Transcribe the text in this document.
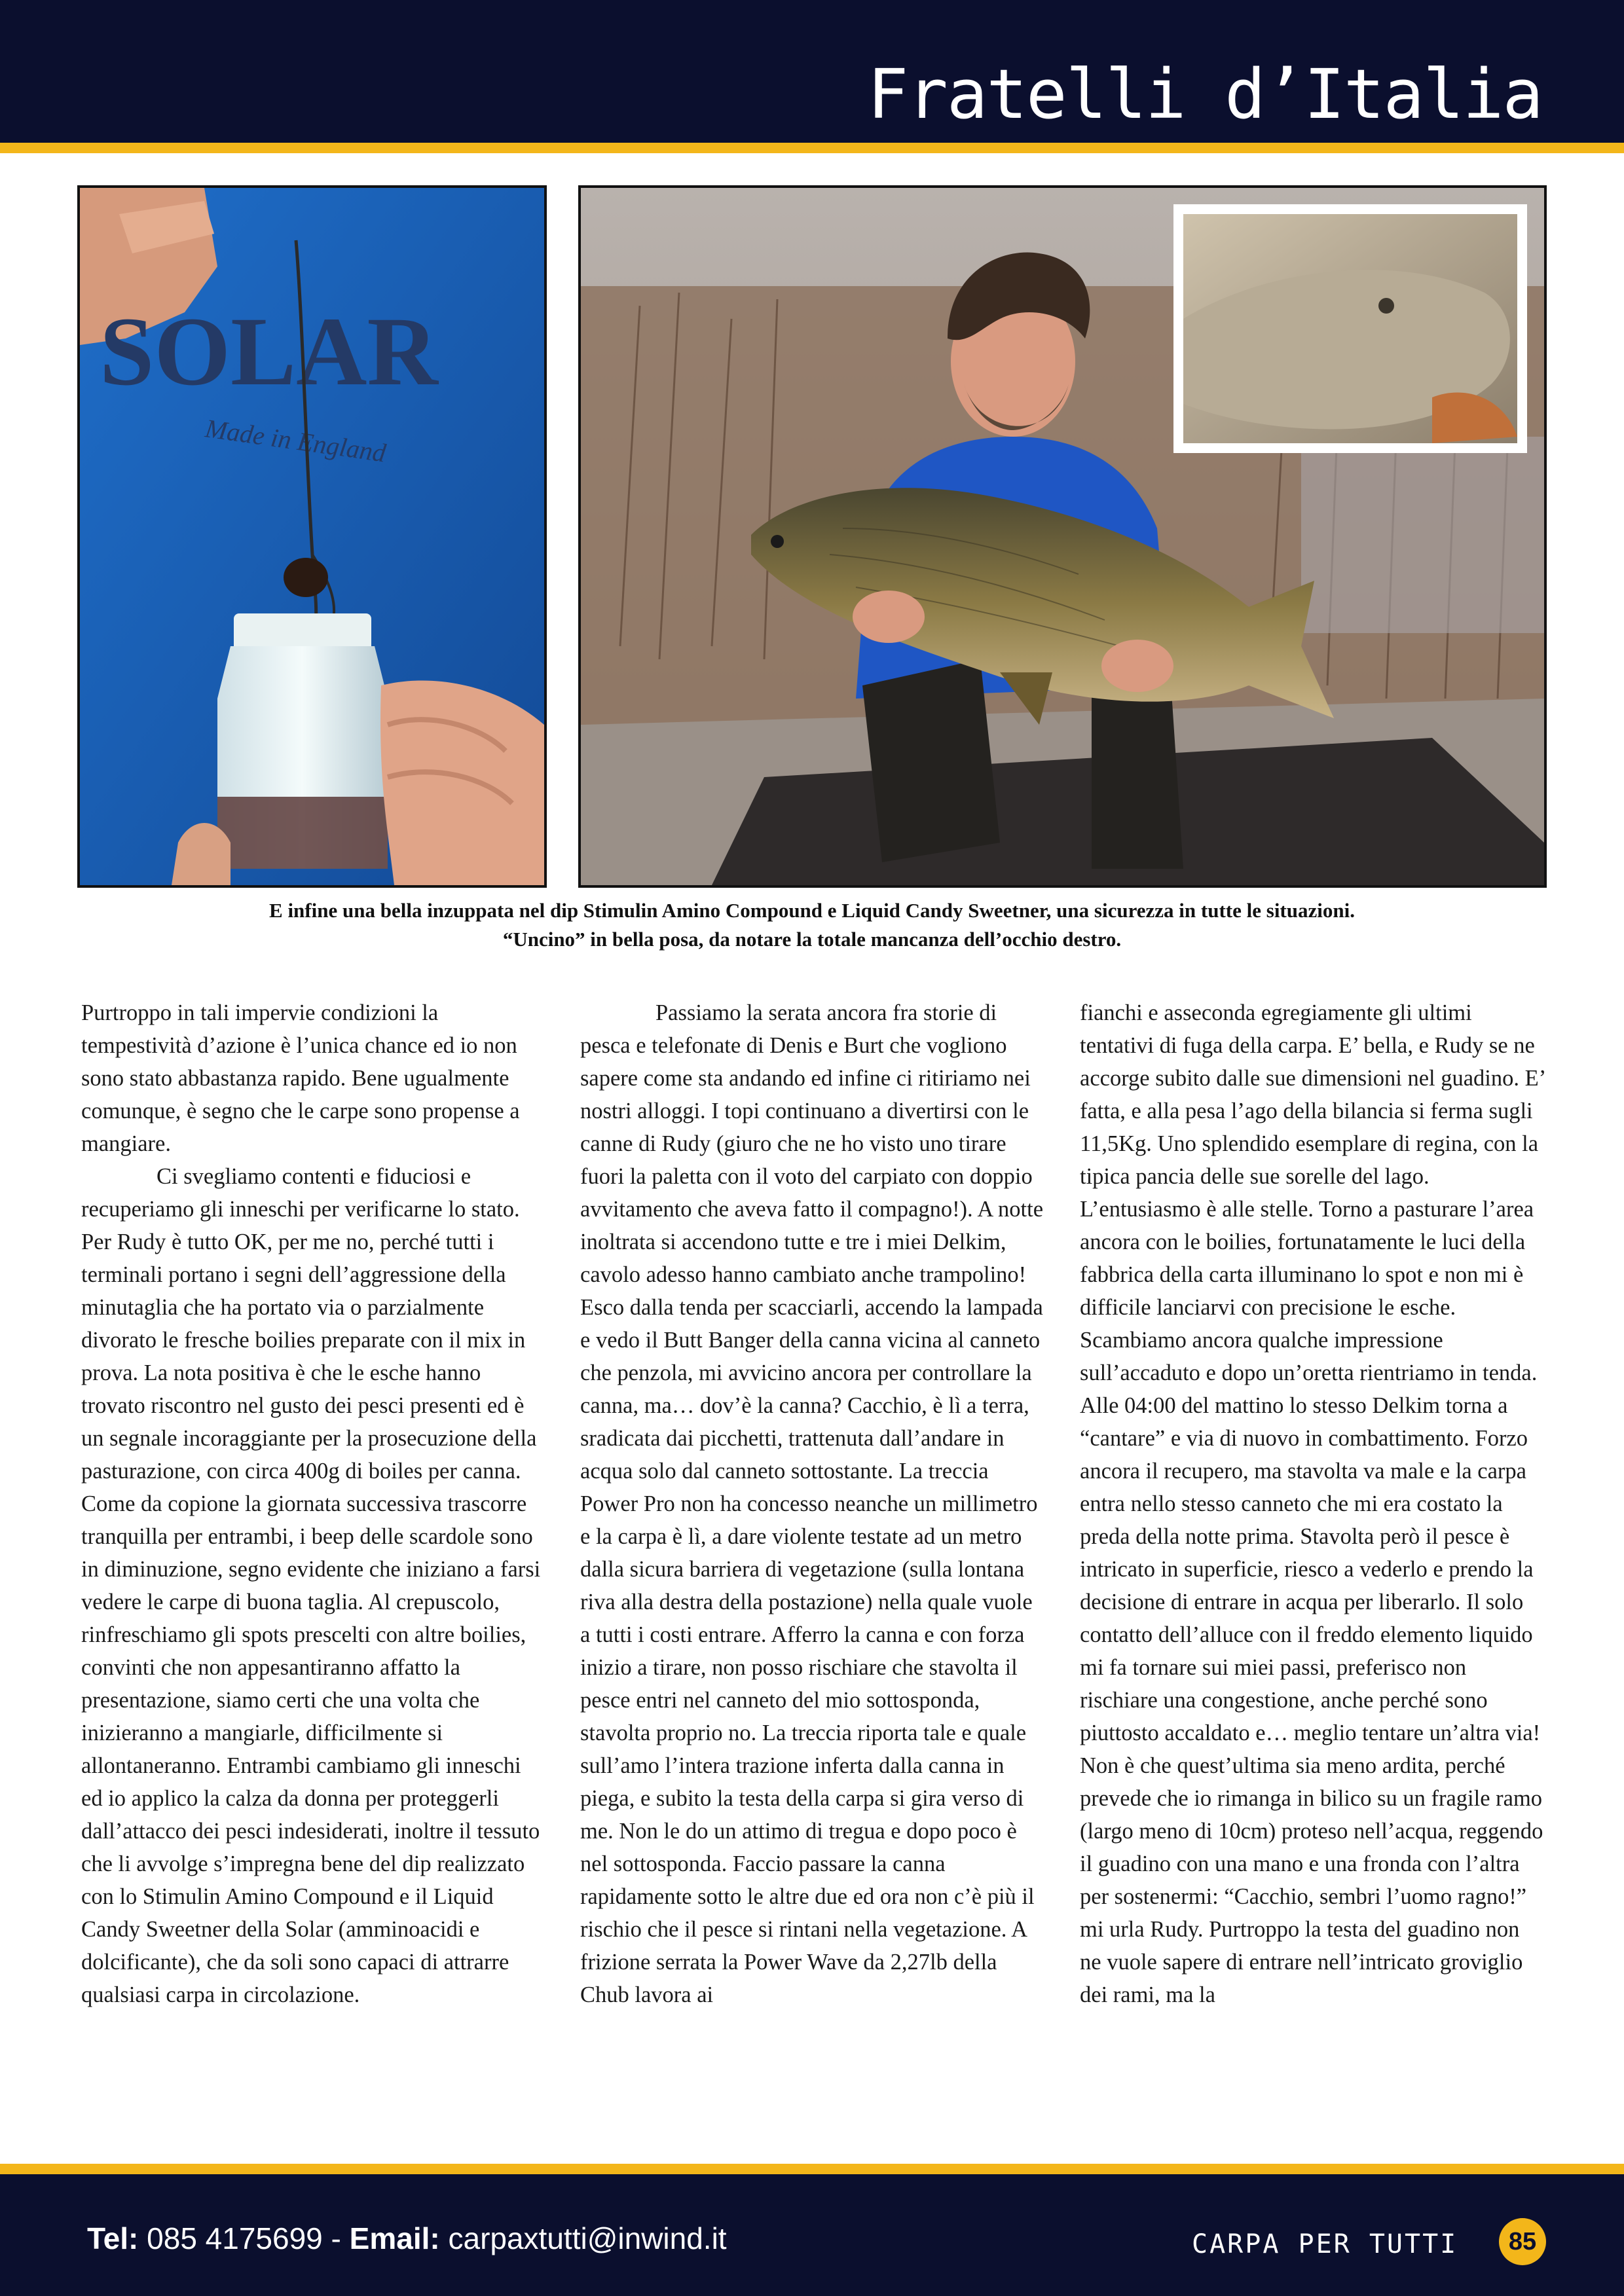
Fratelli d’Italia
SOLAR
Made in England
E infine una bella inzuppata nel dip Stimulin Amino Compound e Liquid Candy Sweetner, una sicurezza in tutte le situazioni.
“Uncino” in bella posa, da notare la totale mancanza dell’occhio destro.

Purtroppo in tali impervie condizioni la tempestività d’azione è l’unica chance ed io non sono stato abbastanza rapido. Bene ugualmente comunque, è segno che le carpe sono propense a mangiare.

Ci svegliamo contenti e fiduciosi e recuperiamo gli inneschi per verificarne lo stato. Per Rudy è tutto OK, per me no, perché tutti i terminali portano i segni dell’aggressione della minutaglia che ha portato via o parzialmente divorato le fresche boilies preparate con il mix in prova. La nota positiva è che le esche hanno trovato riscontro nel gusto dei pesci presenti ed è un segnale incoraggiante per la prosecuzione della pasturazione, con circa 400g di boiles per canna. Come da copione la giornata successiva trascorre tranquilla per entrambi, i beep delle scardole sono in diminuzione, segno evidente che iniziano a farsi vedere le carpe di buona taglia. Al crepuscolo, rinfreschiamo gli spots prescelti con altre boilies, convinti che non appesantiranno affatto la presentazione, siamo certi che una volta che inizieranno a mangiarle, difficilmente si allontaneranno. Entrambi cambiamo gli inneschi ed io applico la calza da donna per proteggerli dall’attacco dei pesci indesiderati, inoltre il tessuto che li avvolge s’impregna bene del dip realizzato con lo Stimulin Amino Compound e il Liquid Candy Sweetner della Solar (amminoacidi e dolcificante), che da soli sono capaci di attrarre qualsiasi carpa in circolazione.

Passiamo la serata ancora fra storie di pesca e telefonate di Denis e Burt che vogliono sapere come sta andando ed infine ci ritiriamo nei nostri alloggi. I topi continuano a divertirsi con le canne di Rudy (giuro che ne ho visto uno tirare fuori la paletta con il voto del carpiato con doppio avvitamento che aveva fatto il compagno!). A notte inoltrata si accendono tutte e tre i miei Delkim, cavolo adesso hanno cambiato anche trampolino! Esco dalla tenda per scacciarli, accendo la lampada e vedo il Butt Banger della canna vicina al canneto che penzola, mi avvicino ancora per controllare la canna, ma… dov’è la canna? Cacchio, è lì a terra, sradicata dai picchetti, trattenuta dall’andare in acqua solo dal canneto sottostante. La treccia Power Pro non ha concesso neanche un millimetro e la carpa è lì, a dare violente testate ad un metro dalla sicura barriera di vegetazione (sulla lontana riva alla destra della postazione) nella quale vuole a tutti i costi entrare. Afferro la canna e con forza inizio a tirare, non posso rischiare che stavolta il pesce entri nel canneto del mio sottosponda, stavolta proprio no. La treccia riporta tale e quale sull’amo l’intera trazione inferta dalla canna in piega, e subito la testa della carpa si gira verso di me. Non le do un attimo di tregua e dopo poco è nel sottosponda. Faccio passare la canna rapidamente sotto le altre due ed ora non c’è più il rischio che il pesce si rintani nella vegetazione. A frizione serrata la Power Wave da 2,27lb della Chub lavora ai

fianchi e asseconda egregiamente gli ultimi tentativi di fuga della carpa. E’ bella, e Rudy se ne accorge subito dalle sue dimensioni nel guadino. E’ fatta, e alla pesa l’ago della bilancia si ferma sugli 11,5Kg. Uno splendido esemplare di regina, con la tipica pancia delle sue sorelle del lago. L’entusiasmo è alle stelle. Torno a pasturare l’area ancora con le boilies, fortunatamente le luci della fabbrica della carta illuminano lo spot e non mi è difficile lanciarvi con precisione le esche. Scambiamo ancora qualche impressione sull’accaduto e dopo un’oretta rientriamo in tenda. Alle 04:00 del mattino lo stesso Delkim torna a “cantare” e via di nuovo in combattimento. Forzo ancora il recupero, ma stavolta va male e la carpa entra nello stesso canneto che mi era costato la preda della notte prima. Stavolta però il pesce è intricato in superficie, riesco a vederlo e prendo la decisione di entrare in acqua per liberarlo. Il solo contatto dell’alluce con il freddo elemento liquido mi fa tornare sui miei passi, preferisco non rischiare una congestione, anche perché sono piuttosto accaldato e… meglio tentare un’altra via! Non è che quest’ultima sia meno ardita, perché prevede che io rimanga in bilico su un fragile ramo (largo meno di 10cm) proteso nell’acqua, reggendo il guadino con una mano e una fronda con l’altra per sostenermi: “Cacchio, sembri l’uomo ragno!” mi urla Rudy. Purtroppo la testa del guadino non ne vuole sapere di entrare nell’intricato groviglio dei rami, ma la

Tel: 085 4175699 - Email: carpaxtutti@inwind.it	CARPA PER TUTTI	85
